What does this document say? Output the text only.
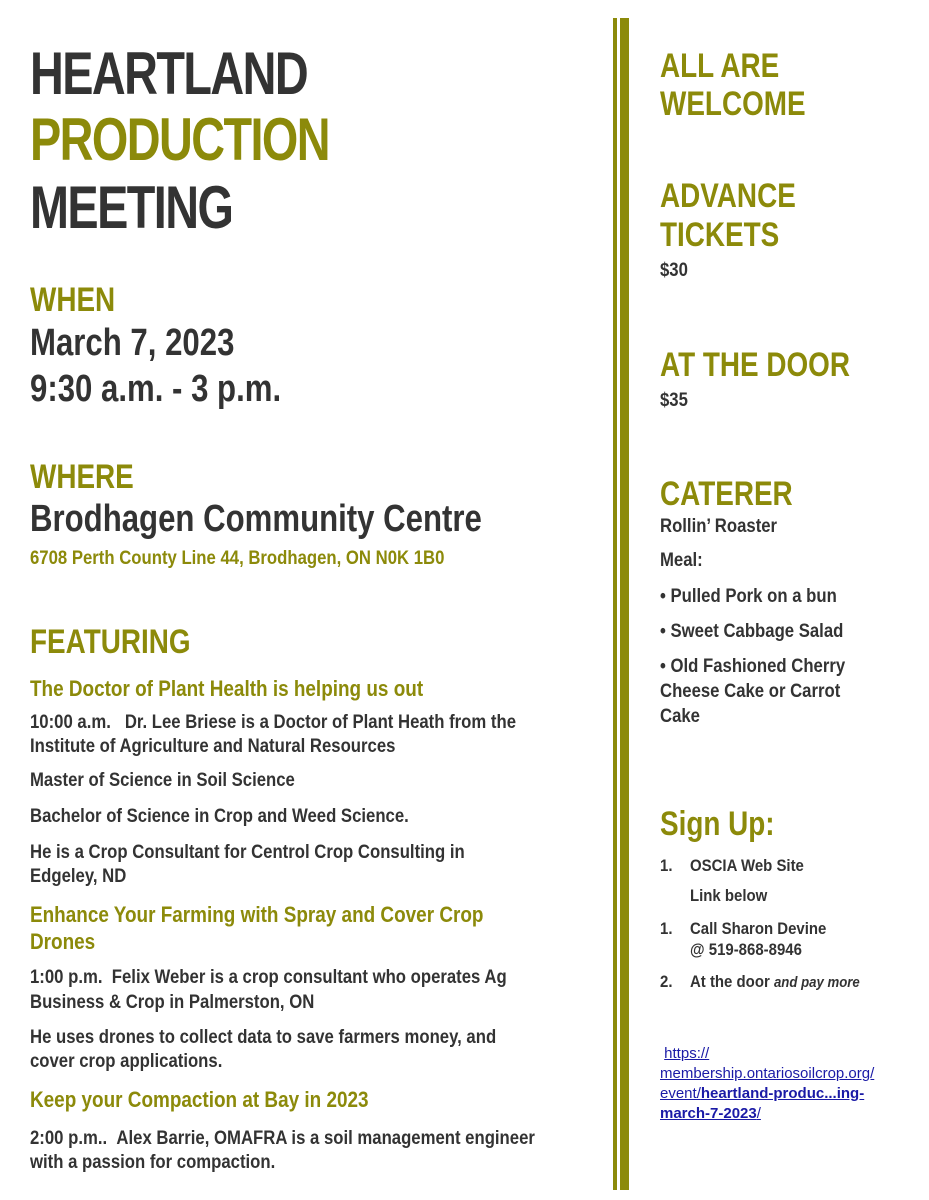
HEARTLAND
PRODUCTION
MEETING
WHEN
March 7, 2023
9:30 a.m. - 3 p.m.
WHERE
Brodhagen Community Centre
6708 Perth County Line 44, Brodhagen, ON N0K 1B0
FEATURING
The Doctor of Plant Health is helping us out
10:00 a.m. Dr. Lee Briese is a Doctor of Plant Heath from the
Institute of Agriculture and Natural Resources
Master of Science in Soil Science
Bachelor of Science in Crop and Weed Science.
He is a Crop Consultant for Centrol Crop Consulting in
Edgeley, ND
Enhance Your Farming with Spray and Cover Crop
Drones
1:00 p.m. Felix Weber is a crop consultant who operates Ag
Business & Crop in Palmerston, ON
He uses drones to collect data to save farmers money, and
cover crop applications.
Keep your Compaction at Bay in 2023
2:00 p.m.. Alex Barrie, OMAFRA is a soil management engineer
with a passion for compaction.
ALL ARE
WELCOME
ADVANCE
TICKETS
$30
AT THE DOOR
$35
CATERER
Rollin’ Roaster
Meal:
• Pulled Pork on a bun
• Sweet Cabbage Salad
• Old Fashioned Cherry
Cheese Cake or Carrot
Cake
Sign Up:
1. OSCIA Web Site
Link below
1. Call Sharon Devine
@ 519-868-8946
2. At the door and pay more
https://
membership.ontariosoilcrop.org/
event/heartland-produc...ing-
march-7-2023/
